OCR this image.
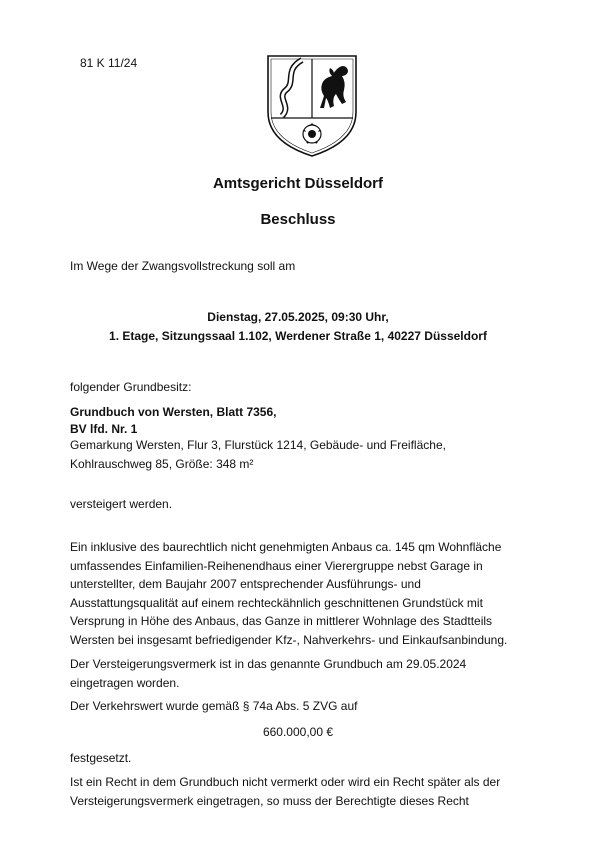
81 K 11/24
Amtsgericht Düsseldorf
Beschluss
Im Wege der Zwangsvollstreckung soll am
Dienstag, 27.05.2025, 09:30 Uhr,
1. Etage, Sitzungssaal 1.102, Werdener Straße 1, 40227 Düsseldorf
folgender Grundbesitz:
Grundbuch von Wersten, Blatt 7356,
BV lfd. Nr. 1
Gemarkung Wersten, Flur 3, Flurstück 1214, Gebäude- und Freifläche,
Kohlrauschweg 85, Größe: 348 m²
versteigert werden.
Ein inklusive des baurechtlich nicht genehmigten Anbaus ca. 145 qm Wohnfläche
umfassendes Einfamilien-Reihenendhaus einer Vierergruppe nebst Garage in
unterstellter, dem Baujahr 2007 entsprechender Ausführungs- und
Ausstattungsqualität auf einem rechteckähnlich geschnittenen Grundstück mit
Versprung in Höhe des Anbaus, das Ganze in mittlerer Wohnlage des Stadtteils
Wersten bei insgesamt befriedigender Kfz-, Nahverkehrs- und Einkaufsanbindung.
Der Versteigerungsvermerk ist in das genannte Grundbuch am 29.05.2024
eingetragen worden.
Der Verkehrswert wurde gemäß § 74a Abs. 5 ZVG auf
660.000,00 €
festgesetzt.
Ist ein Recht in dem Grundbuch nicht vermerkt oder wird ein Recht später als der
Versteigerungsvermerk eingetragen, so muss der Berechtigte dieses Recht
